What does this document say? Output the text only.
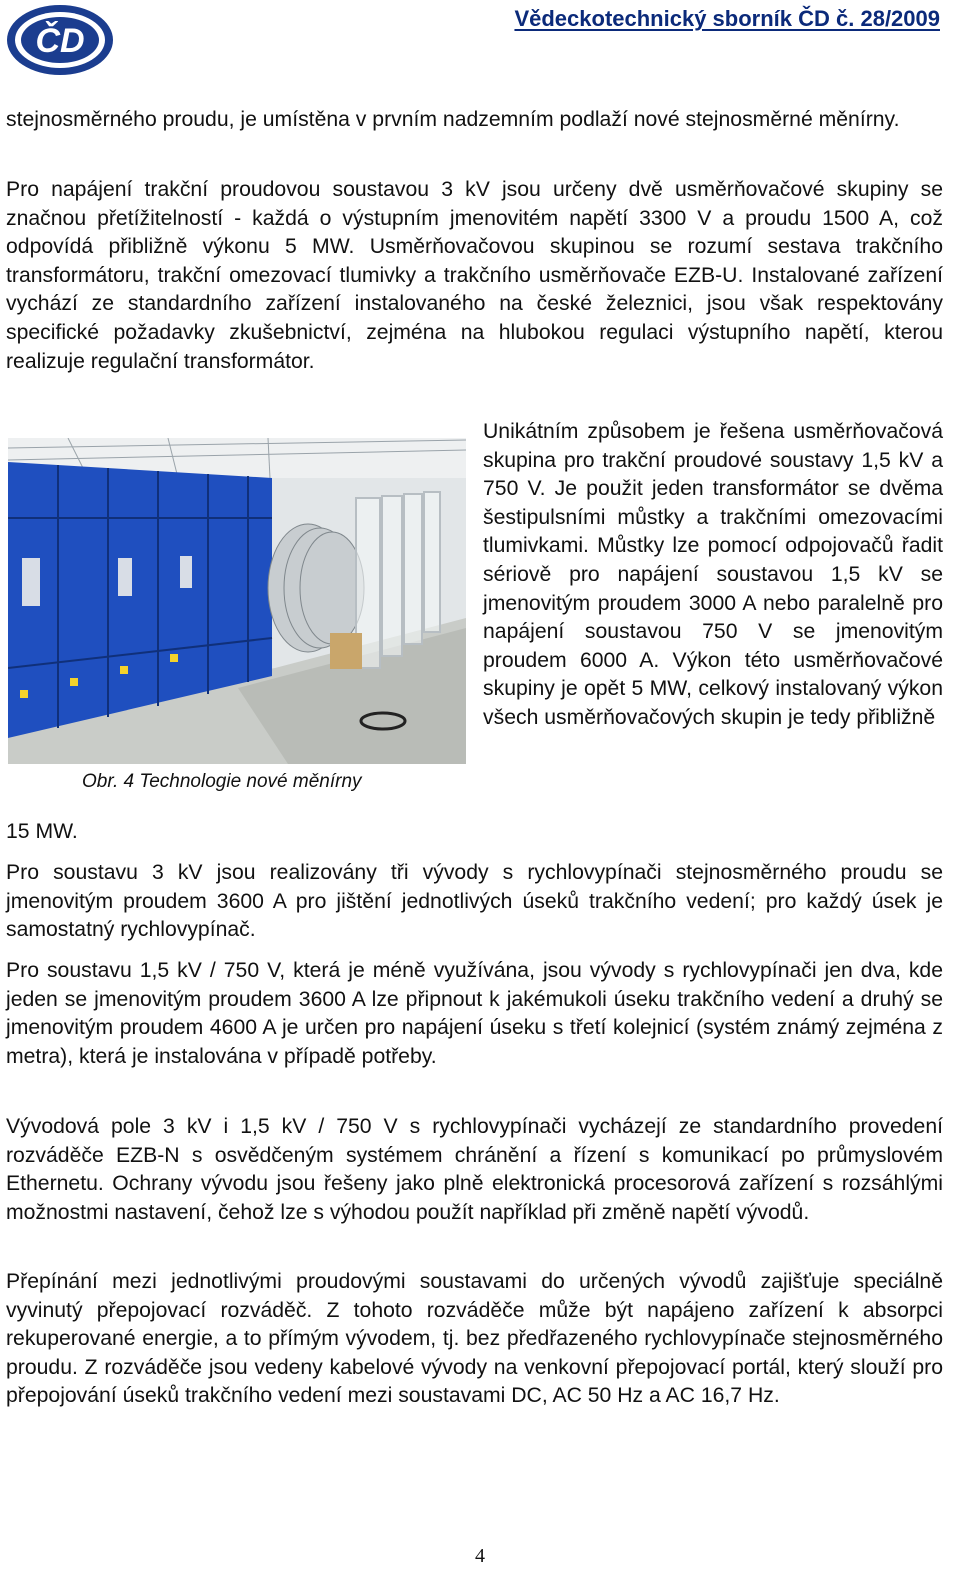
ČD
Vědeckotechnický sborník ČD č. 28/2009

stejnosměrného proudu, je umístěna v prvním nadzemním podlaží nové stejnosměrné měnírny.

Pro napájení trakční proudovou soustavou 3 kV jsou určeny dvě usměrňovačové skupiny se značnou přetížitelností - každá o výstupním jmenovitém napětí 3300 V a proudu 1500 A, což odpovídá přibližně výkonu 5 MW. Usměrňovačovou skupinou se rozumí sestava trakčního transformátoru, trakční omezovací tlumivky a trakčního usměrňovače EZB-U. Instalované zařízení vychází ze standardního zařízení instalovaného na české železnici, jsou však respektovány specifické požadavky zkušebnictví, zejména na hlubokou regulaci výstupního napětí, kterou realizuje regulační transformátor.

Obr. 4 Technologie nové měnírny

Unikátním způsobem je řešena usměrňovačová skupina pro trakční proudové soustavy 1,5 kV a 750 V. Je použit jeden transformátor se dvěma šestipulsními můstky a trakčními omezovacími tlumivkami. Můstky lze pomocí odpojovačů řadit sériově pro napájení soustavou 1,5 kV se jmenovitým proudem 3000 A nebo paralelně pro napájení soustavou 750 V se jmenovitým proudem 6000 A. Výkon této usměrňovačové skupiny je opět 5 MW, celkový instalovaný výkon všech usměrňovačových skupin je tedy přibližně

15 MW.

Pro soustavu 3 kV jsou realizovány tři vývody s rychlovypínači stejnosměrného proudu se jmenovitým proudem 3600 A pro jištění jednotlivých úseků trakčního vedení; pro každý úsek je samostatný rychlovypínač.

Pro soustavu 1,5 kV / 750 V, která je méně využívána, jsou vývody s rychlovypínači jen dva, kde jeden se jmenovitým proudem 3600 A lze připnout k jakémukoli úseku trakčního vedení a druhý se jmenovitým proudem 4600 A je určen pro napájení úseku s třetí kolejnicí (systém známý zejména z metra), která je instalována v případě potřeby.

Vývodová pole 3 kV i 1,5 kV / 750 V s rychlovypínači vycházejí ze standardního provedení rozváděče EZB-N s osvědčeným systémem chránění a řízení s komunikací po průmyslovém Ethernetu. Ochrany vývodu jsou řešeny jako plně elektronická procesorová zařízení s rozsáhlými možnostmi nastavení, čehož lze s výhodou použít například při změně napětí vývodů.

Přepínání mezi jednotlivými proudovými soustavami do určených vývodů zajišťuje speciálně vyvinutý přepojovací rozváděč. Z tohoto rozváděče může být napájeno zařízení k absorpci rekuperované energie, a to přímým vývodem, tj. bez předřazeného rychlovypínače stejnosměrného proudu. Z rozváděče jsou vedeny kabelové vývody na venkovní přepojovací portál, který slouží pro přepojování úseků trakčního vedení mezi soustavami DC, AC 50 Hz a AC 16,7 Hz.

4
